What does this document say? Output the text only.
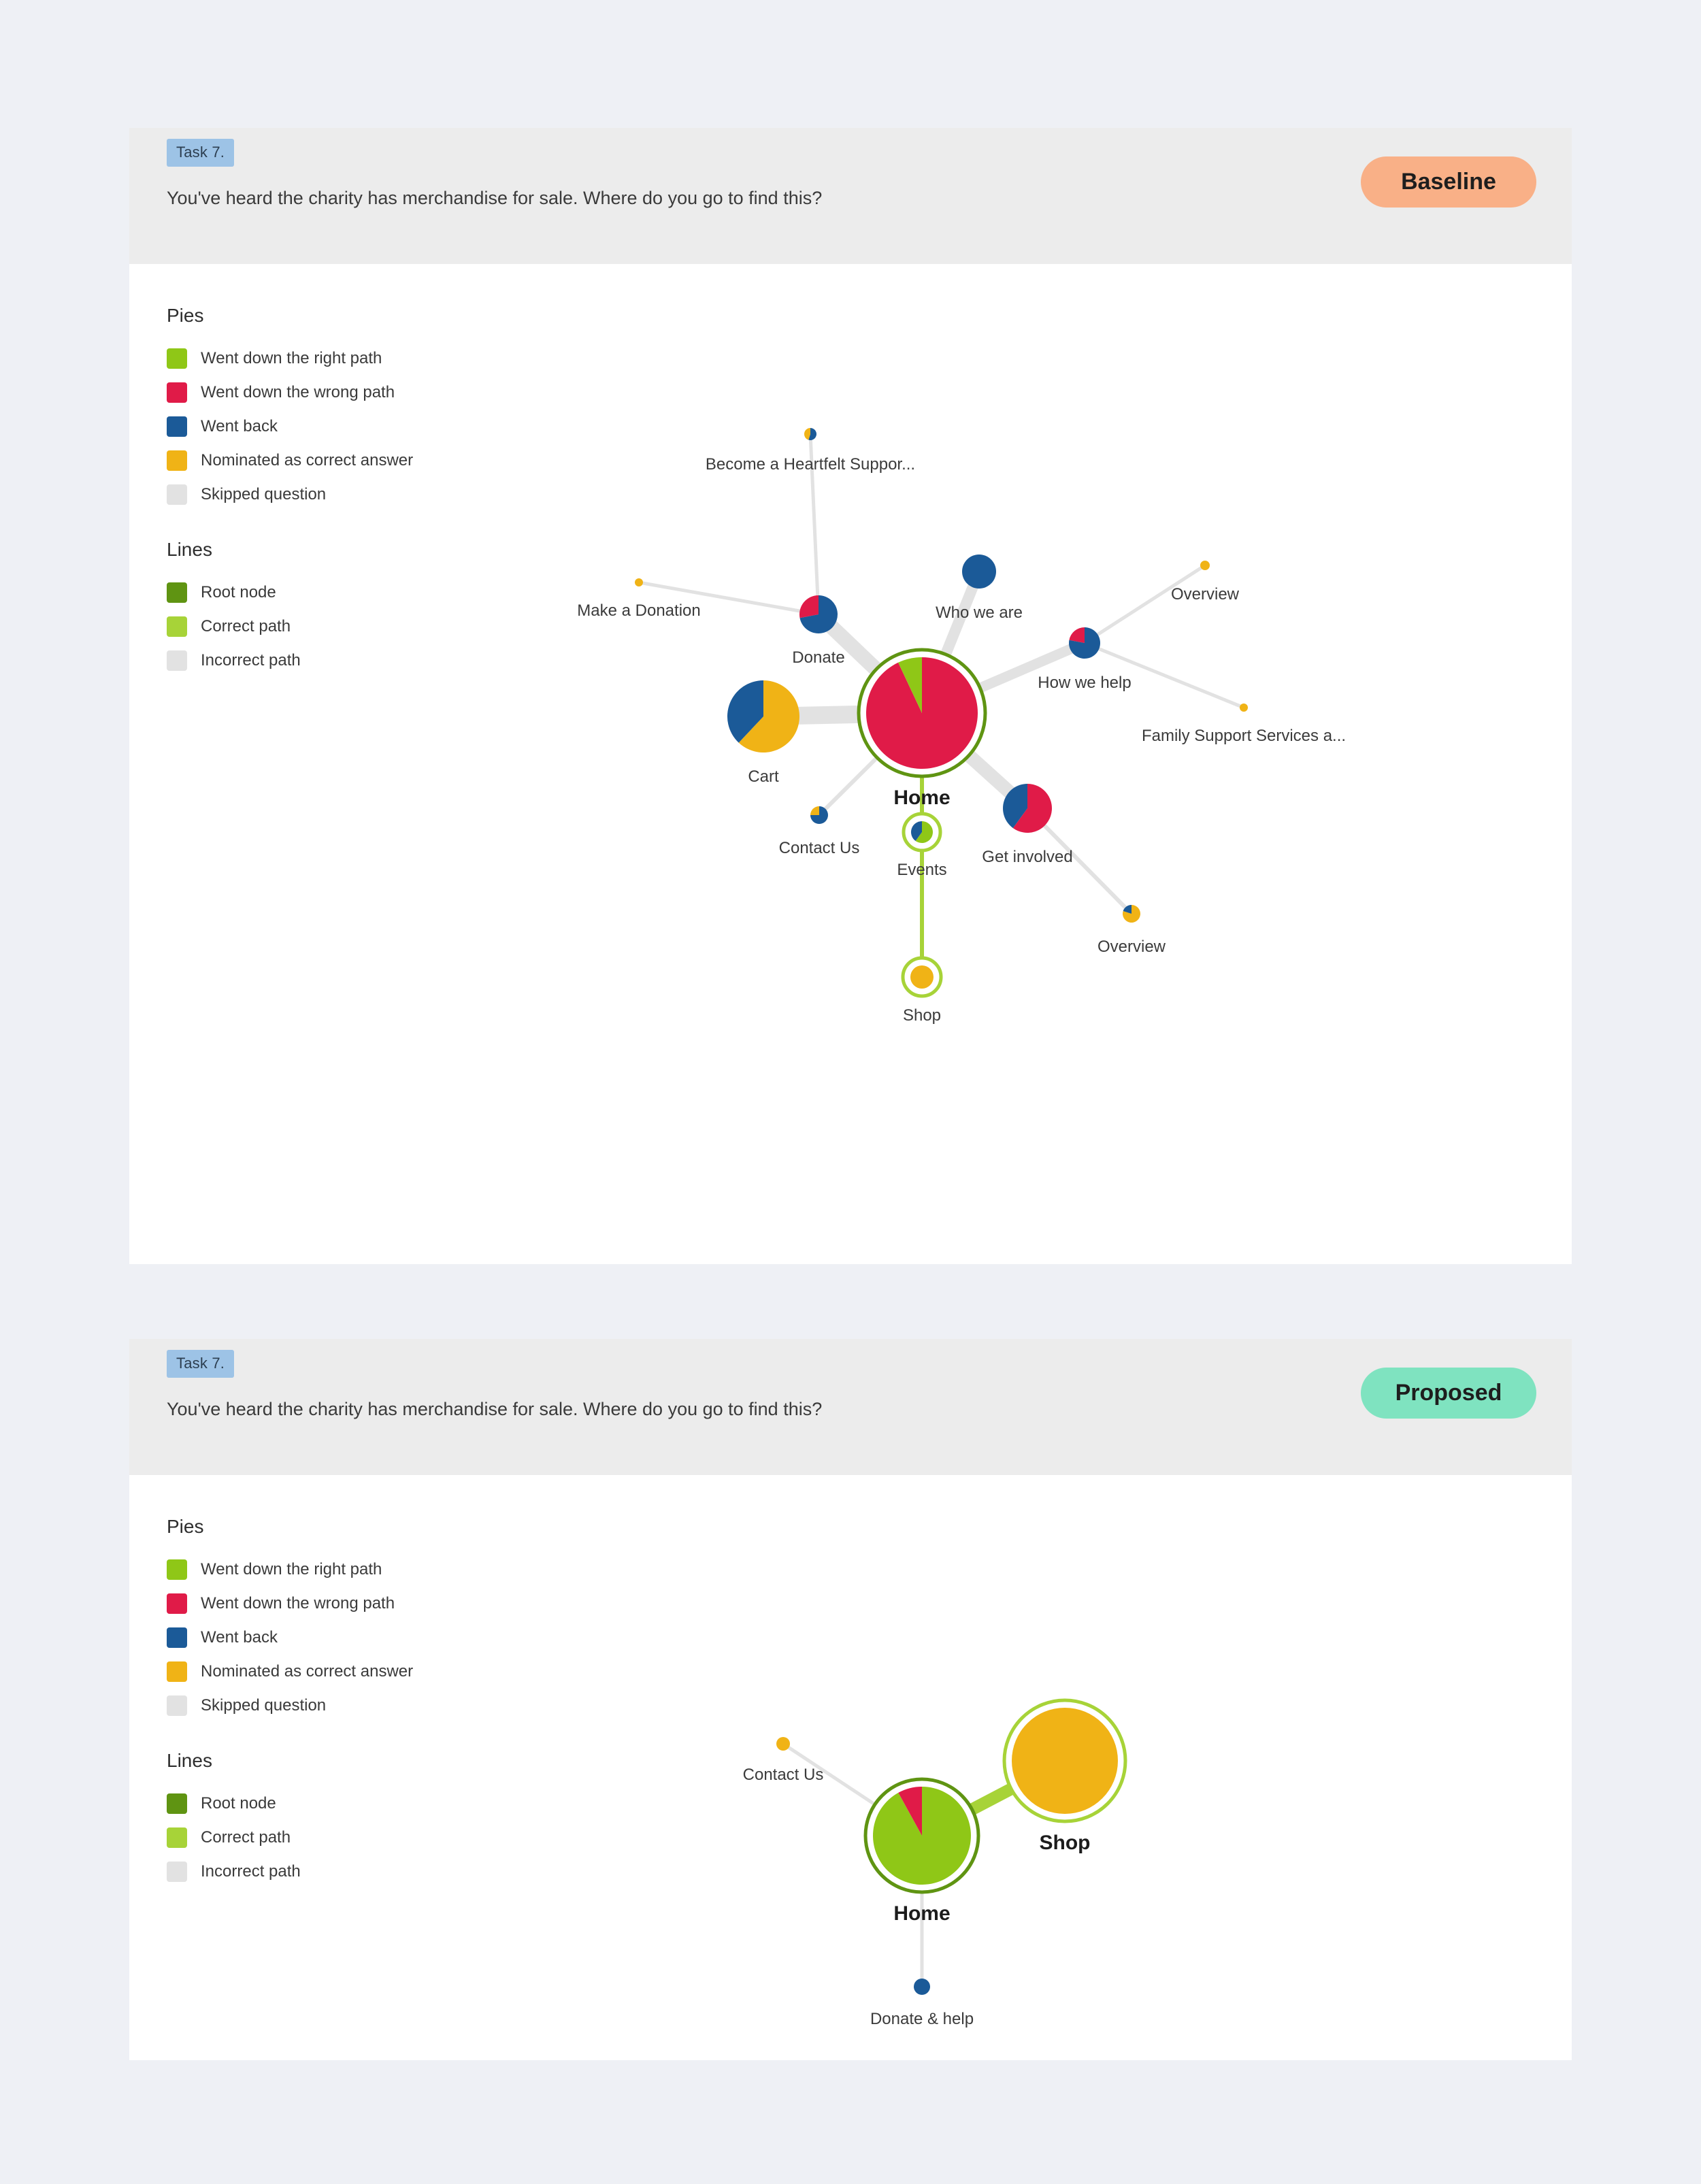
Task 7.
You've heard the charity has merchandise for sale. Where do you go to find this?
Baseline
Pies
Went down the right path
Went down the wrong path
Went back
Nominated as correct answer
Skipped question
Lines
Root node
Correct path
Incorrect path
Home
Become a Heartfelt Suppor...
Donate
Make a Donation	Who we are
Overview
How we help
Family Support Services a...
Cart
Contact Us	Get involved
Events
Overview
Shop
Task 7.
You've heard the charity has merchandise for sale. Where do you go to find this?
Proposed
Pies
Went down the right path
Went down the wrong path
Went back
Nominated as correct answer
Skipped question
Lines
Root node
Correct path
Incorrect path
Home
Shop
Contact Us
Donate & help
